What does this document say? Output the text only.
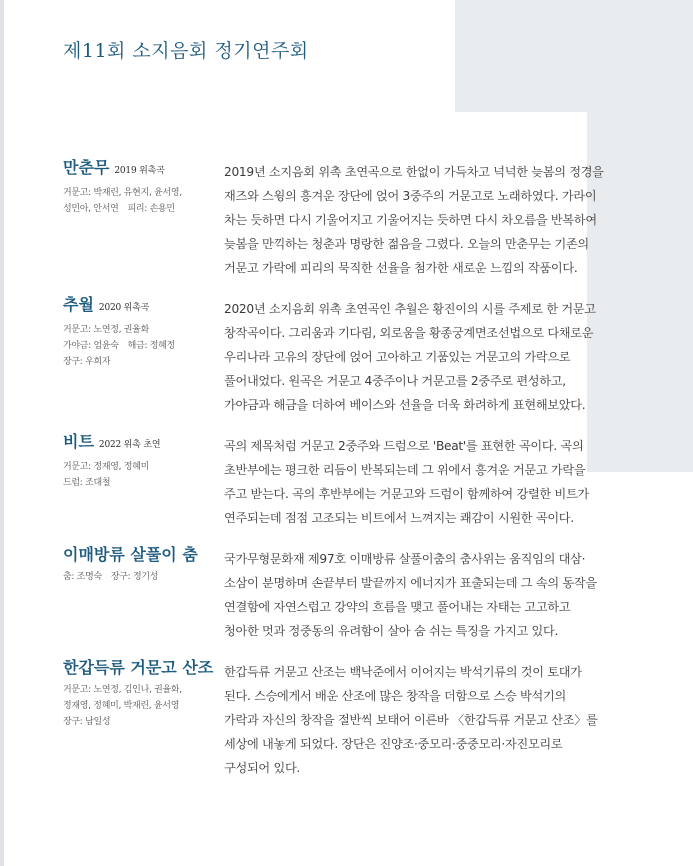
제11회 소지음회 정기연주회
만춘무 2019 위촉곡
거문고: 박재린, 유현지, 윤서영,
성민아, 안서연 피리: 손용민

2019년 소지음회 위촉 초연곡으로 한없이 가득차고 넉넉한 늦봄의 정경을
재즈와 스윙의 흥겨운 장단에 얹어 3중주의 거문고로 노래하였다. 가라이
차는 듯하면 다시 기울어지고 기울어지는 듯하면 다시 차오름을 반복하여
늦봄을 만끽하는 청춘과 명랑한 젊음을 그렸다. 오늘의 만춘무는 기존의
거문고 가락에 피리의 묵직한 선율을 첨가한 새로운 느낌의 작품이다.

추월 2020 위촉곡
거문고: 노연정, 권율화
가야금: 엄윤숙 해금: 정혜정
장구: 우희자

2020년 소지음회 위촉 초연곡인 추월은 황진이의 시를 주제로 한 거문고
창작곡이다. 그리움과 기다림, 외로움을 황종궁계면조선법으로 다채로운
우리나라 고유의 장단에 얹어 고아하고 기품있는 거문고의 가락으로
풀어내었다. 원곡은 거문고 4중주이나 거문고를 2중주로 편성하고,
가야금과 해금을 더하여 베이스와 선율을 더욱 화려하게 표현해보았다.

비트 2022 위촉 초연
거문고: 정재영, 정혜미
드럼: 조대철

곡의 제목처럼 거문고 2중주와 드럼으로 'Beat'를 표현한 곡이다. 곡의
초반부에는 평크한 리듬이 반복되는데 그 위에서 흥겨운 거문고 가락을
주고 받는다. 곡의 후반부에는 거문고와 드럼이 함께하여 강렬한 비트가
연주되는데 점점 고조되는 비트에서 느껴지는 쾌감이 시원한 곡이다.

이매방류 살풀이 춤
춤: 조명숙 장구: 정기성

국가무형문화재 제97호 이매방류 살풀이춤의 춤사위는 움직임의 대삼·
소삼이 분명하며 손끝부터 발끝까지 에너지가 표출되는데 그 속의 동작을
연결함에 자연스럽고 강약의 흐름을 맺고 풀어내는 자태는 고고하고
청아한 멋과 정중동의 유려함이 살아 숨 쉬는 특징을 가지고 있다.

한갑득류 거문고 산조
거문고: 노연정, 김인나, 권율화,
정재영, 정혜미, 박재린, 윤서영
장구: 남일성

한갑득류 거문고 산조는 백낙준에서 이어지는 박석기류의 것이 토대가
된다. 스승에게서 배운 산조에 많은 창작을 더함으로 스승 박석기의
가락과 자신의 창작을 절반씩 보태어 이른바 〈한갑득류 거문고 산조〉를
세상에 내놓게 되었다. 장단은 진양조·중모리·중중모리·자진모리로
구성되어 있다.
